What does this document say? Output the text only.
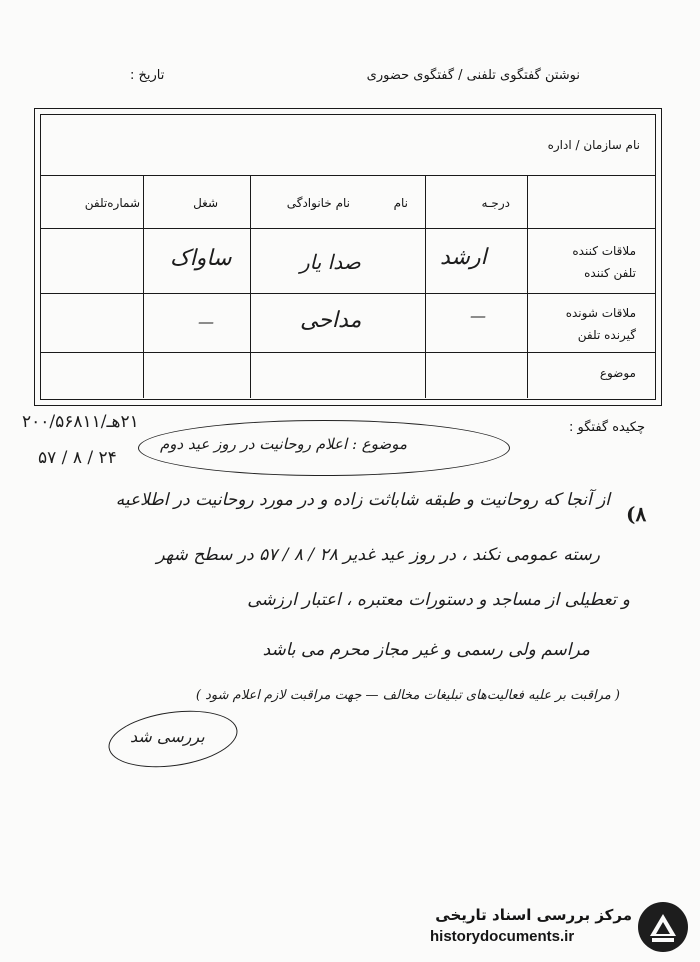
نوشتن گفتگوی تلفنی / گفتگوی حضوری
تاریخ :
نام سازمان / اداره
درجـه
نام
نام خانوادگی
شغل
شماره‌تلفن
ملاقات کننده
تلفن کننده
ارشد
صدا یار
ساواک
ملاقات شونده
گیرنده تلفن
—
مداحی
—
موضوع
چکیده گفتگو :
۲۱هـ/۲۰۰/۵۶۸۱۱
۲۴ / ۸ / ۵۷
موضوع : اعلام روحانیت در روز عید دوم
(۸
از آنجا که روحانیت و طبقه شاباثت زاده و در مورد روحانیت در اطلاعیه
رسته عمومی نکند ، در روز عید غدیر ۲۸ / ۸ / ۵۷ در سطح شهر
و تعطیلی از مساجد و دستورات معتبره ، اعتبار ارزشی
مراسم ولی رسمی و غیر مجاز محرم می باشد
( مراقبت بر علیه فعالیت‌های تبلیغات مخالف — جهت مراقبت لازم اعلام شود )
بررسی شد
مرکز بررسی اسناد تاریخی
historydocuments.ir
